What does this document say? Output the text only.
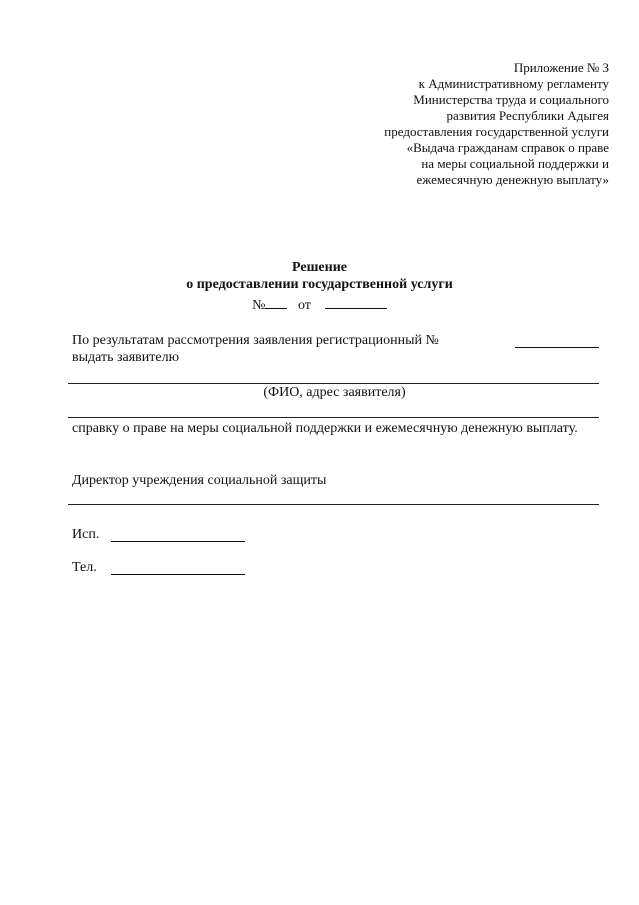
Приложение № 3
к Административному регламенту
Министерства труда и социального
развития Республики Адыгея
предоставления государственной услуги
«Выдача гражданам справок о праве
на меры социальной поддержки и
ежемесячную денежную выплату»
Решение
о предоставлении государственной услуги
№ от
По результатам рассмотрения заявления регистрационный №
выдать заявителю
(ФИО, адрес заявителя)
справку о праве на меры социальной поддержки и ежемесячную денежную выплату.
Директор учреждения социальной защиты
Исп.
Тел.
